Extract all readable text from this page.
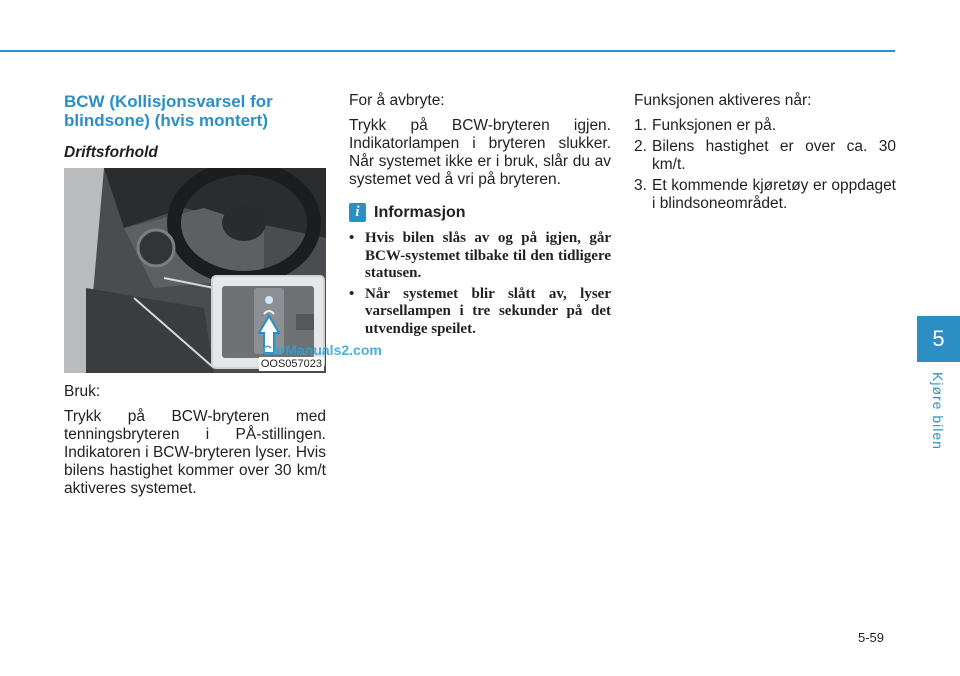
BCW (Kollisjonsvarsel for blindsone) (hvis montert)
Driftsforhold
OOS057023

Bruk:

Trykk på BCW-bryteren med tenningsbryteren i PÅ-stillingen. Indikatoren i BCW-bryteren lyser. Hvis bilens hastighet kommer over 30 km/t aktiveres systemet.

CarManuals2.com

For å avbryte:

Trykk på BCW-bryteren igjen. Indikatorlampen i bryteren slukker. Når systemet ikke er i bruk, slår du av systemet ved å vri på bryteren.

i Informasjon
• Hvis bilen slås av og på igjen, går BCW-systemet tilbake til den tidligere statusen.
• Når systemet blir slått av, lyser varsellampen i tre sekunder på det utvendige speilet.

Funksjonen aktiveres når:

1. Funksjonen er på.
2. Bilens hastighet er over ca. 30 km/t.
3. Et kommende kjøretøy er oppdaget i blindsoneområdet.
5
Kjøre bilen
5-59
